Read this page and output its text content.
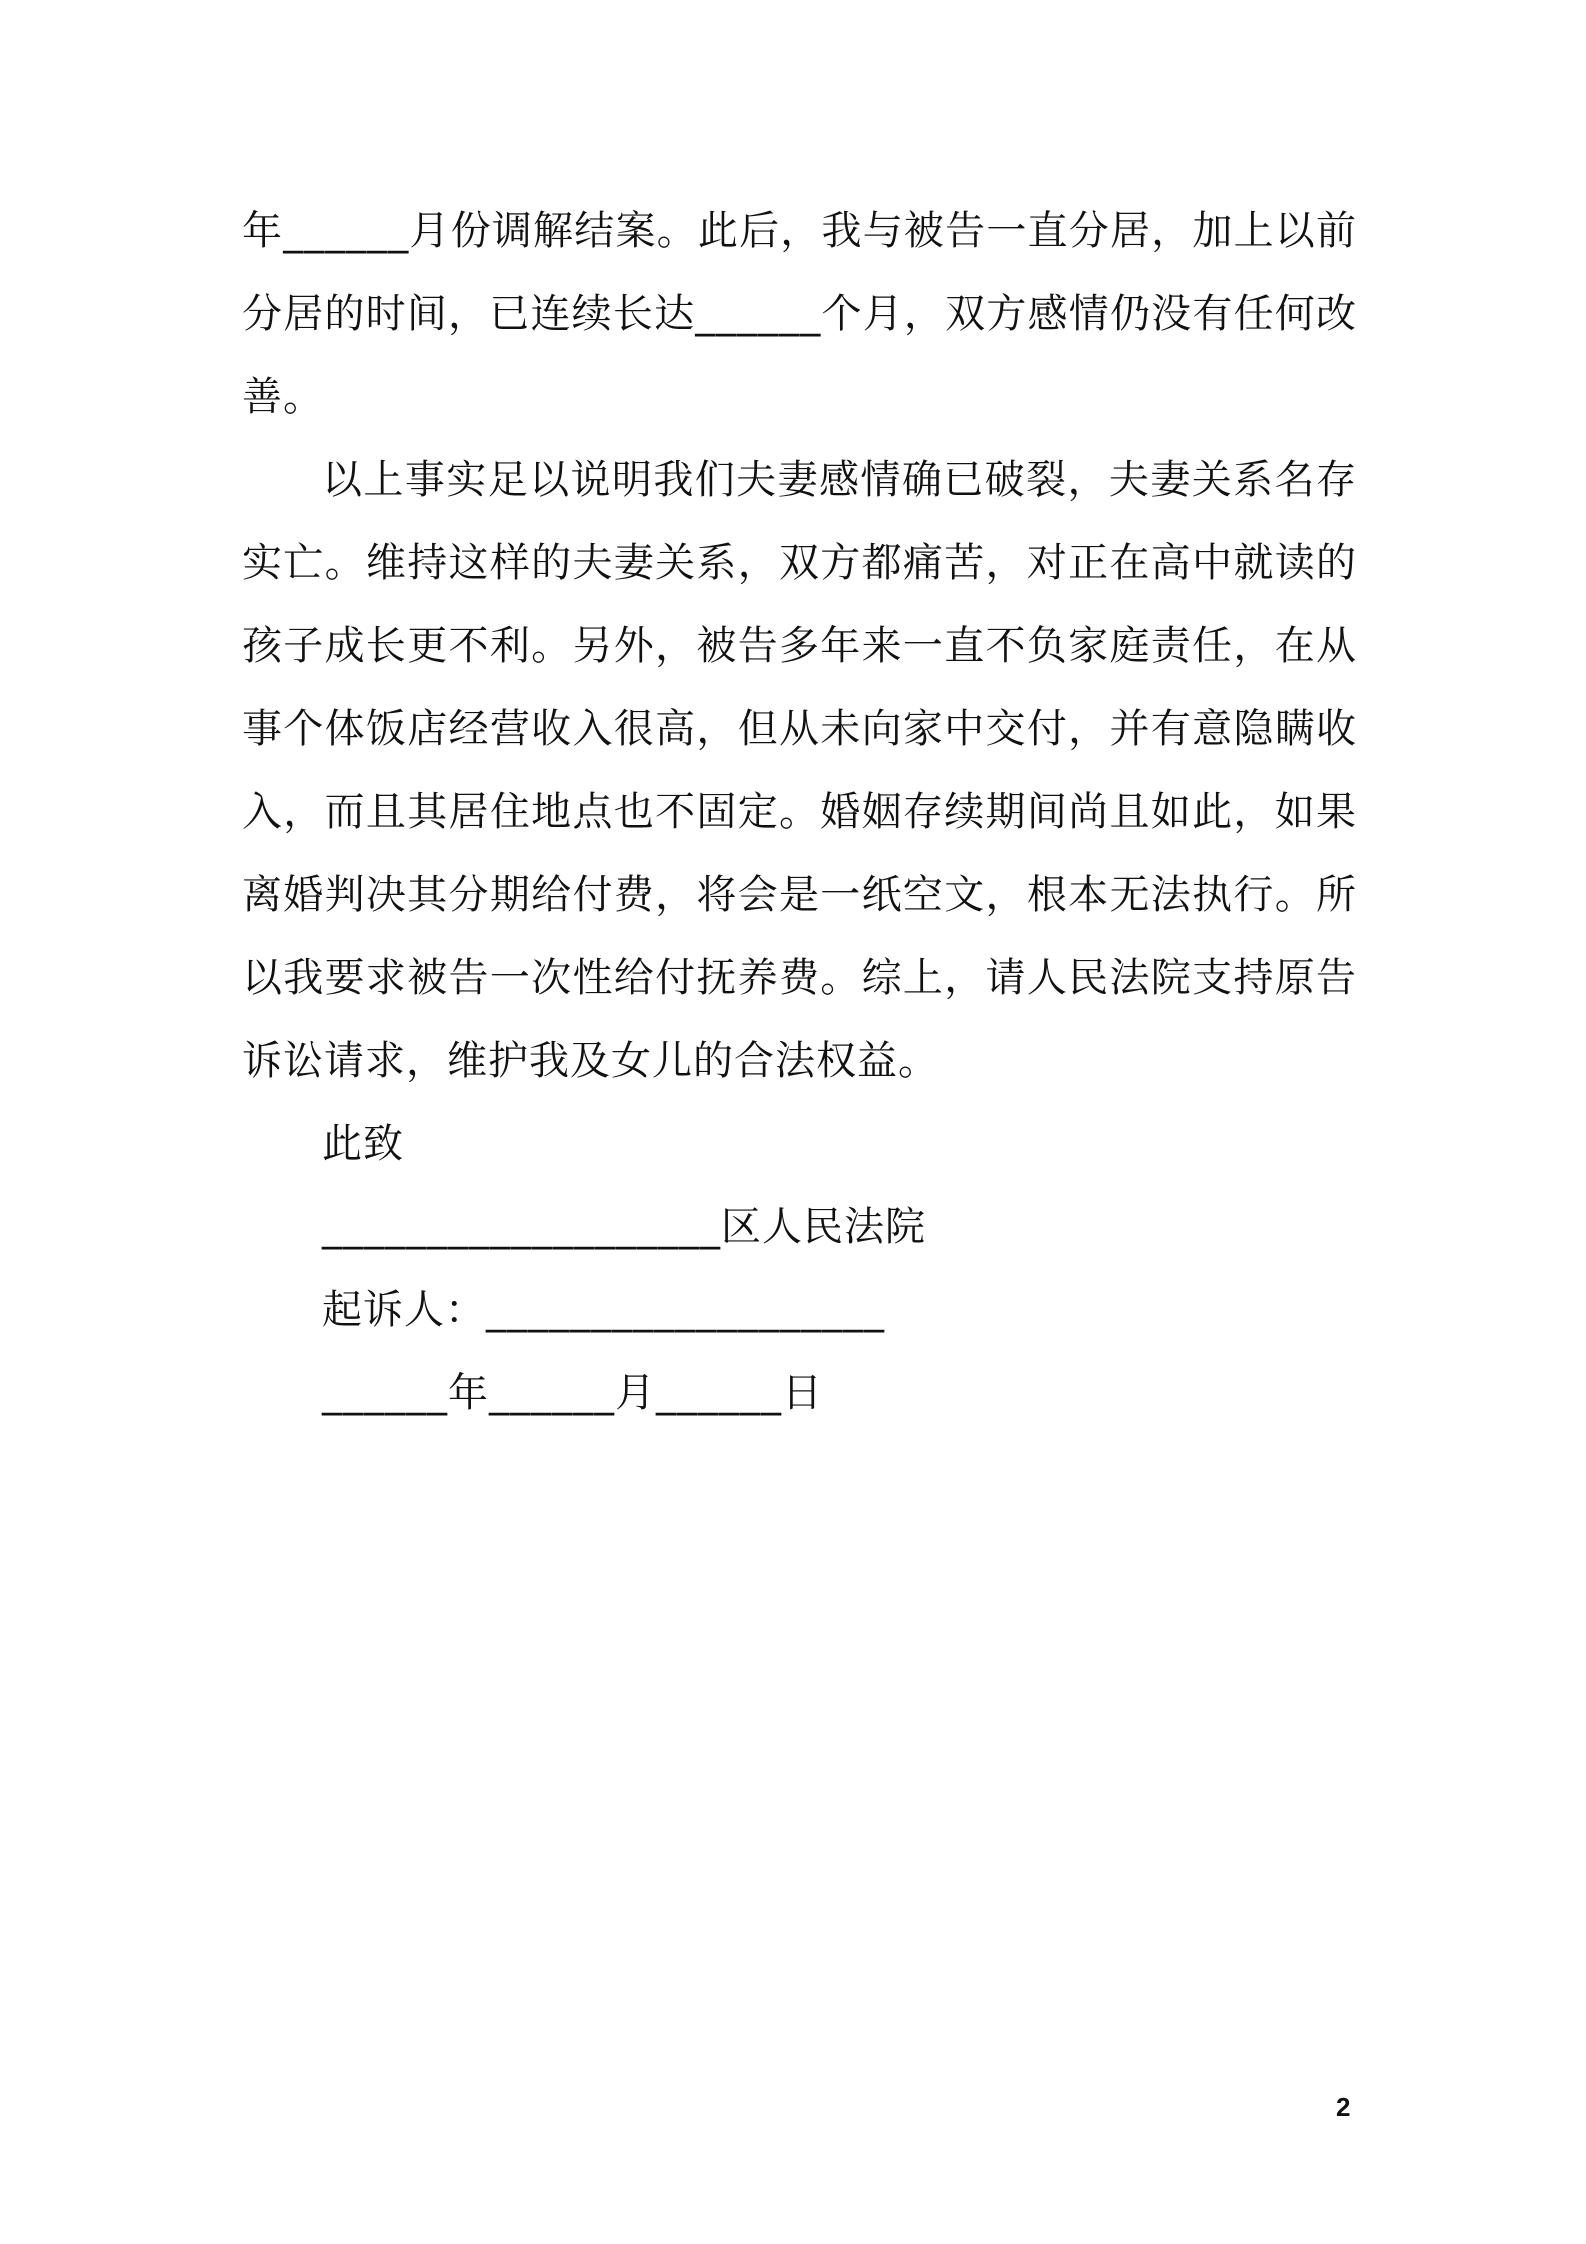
年______月份调解结案。此后，我与被告一直分居，加上以前分居的时间，已连续长达______个月，双方感情仍没有任何改善。

以上事实足以说明我们夫妻感情确已破裂，夫妻关系名存实亡。维持这样的夫妻关系，双方都痛苦，对正在高中就读的孩子成长更不利。另外，被告多年来一直不负家庭责任，在从事个体饭店经营收入很高，但从未向家中交付，并有意隐瞒收入，而且其居住地点也不固定。婚姻存续期间尚且如此，如果离婚判决其分期给付费，将会是一纸空文，根本无法执行。所以我要求被告一次性给付抚养费。综上，请人民法院支持原告诉讼请求，维护我及女儿的合法权益。

此致

___________________区人民法院

起诉人：___________________

______年______月______日

2
